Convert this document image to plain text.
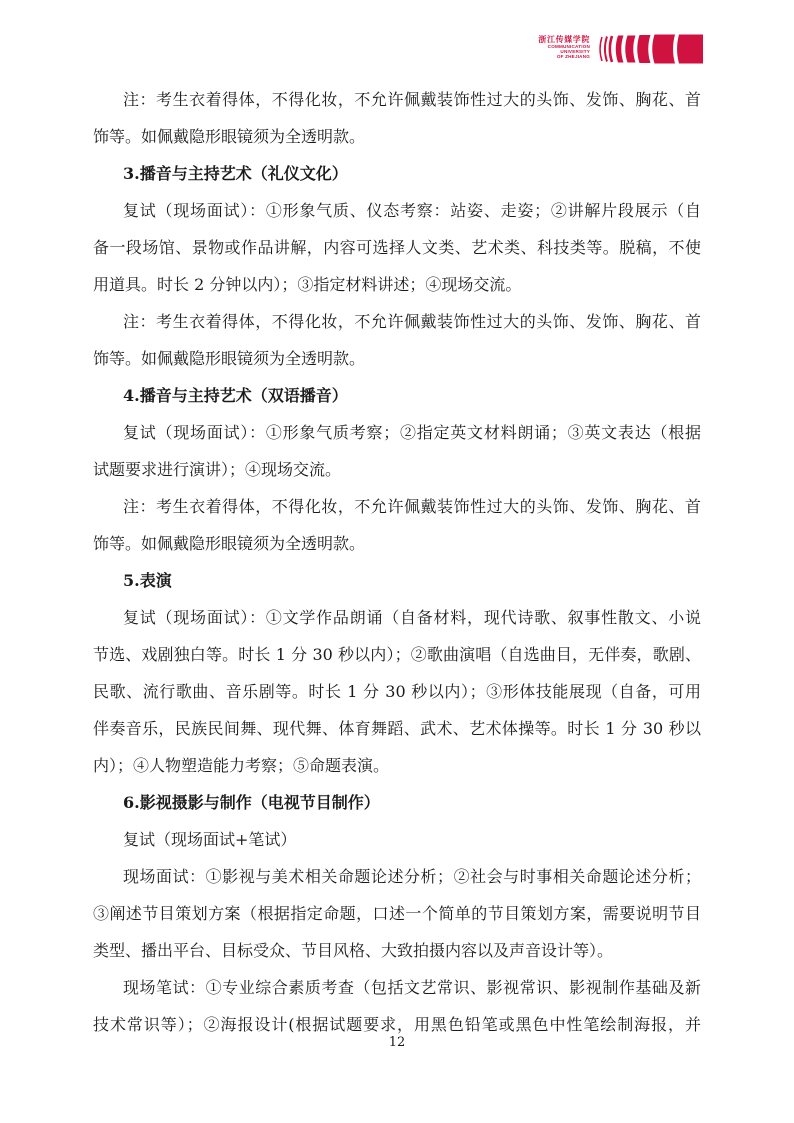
浙江传媒学院
COMMUNICATION
UNIVERSITY
OF ZHEJIANG
注：考生衣着得体，不得化妆，不允许佩戴装饰性过大的头饰、发饰、胸花、首
饰等。如佩戴隐形眼镜须为全透明款。
3.播音与主持艺术（礼仪文化）
复试（现场面试）：①形象气质、仪态考察：站姿、走姿；②讲解片段展示（自
备一段场馆、景物或作品讲解，内容可选择人文类、艺术类、科技类等。脱稿，不使
用道具。时长 2 分钟以内）；③指定材料讲述；④现场交流。
注：考生衣着得体，不得化妆，不允许佩戴装饰性过大的头饰、发饰、胸花、首
饰等。如佩戴隐形眼镜须为全透明款。
4.播音与主持艺术（双语播音）
复试（现场面试）：①形象气质考察；②指定英文材料朗诵；③英文表达（根据
试题要求进行演讲）；④现场交流。
注：考生衣着得体，不得化妆，不允许佩戴装饰性过大的头饰、发饰、胸花、首
饰等。如佩戴隐形眼镜须为全透明款。
5.表演
复试（现场面试）：①文学作品朗诵（自备材料，现代诗歌、叙事性散文、小说
节选、戏剧独白等。时长 1 分 30 秒以内）；②歌曲演唱（自选曲目，无伴奏，歌剧、
民歌、流行歌曲、音乐剧等。时长 1 分 30 秒以内）；③形体技能展现（自备，可用
伴奏音乐，民族民间舞、现代舞、体育舞蹈、武术、艺术体操等。时长 1 分 30 秒以
内）；④人物塑造能力考察；⑤命题表演。
6.影视摄影与制作（电视节目制作）
复试（现场面试+笔试）
现场面试：①影视与美术相关命题论述分析；②社会与时事相关命题论述分析；
③阐述节目策划方案（根据指定命题，口述一个简单的节目策划方案，需要说明节目
类型、播出平台、目标受众、节目风格、大致拍摄内容以及声音设计等）。
现场笔试：①专业综合素质考查（包括文艺常识、影视常识、影视制作基础及新
技术常识等）；②海报设计(根据试题要求，用黑色铅笔或黑色中性笔绘制海报，并
12
